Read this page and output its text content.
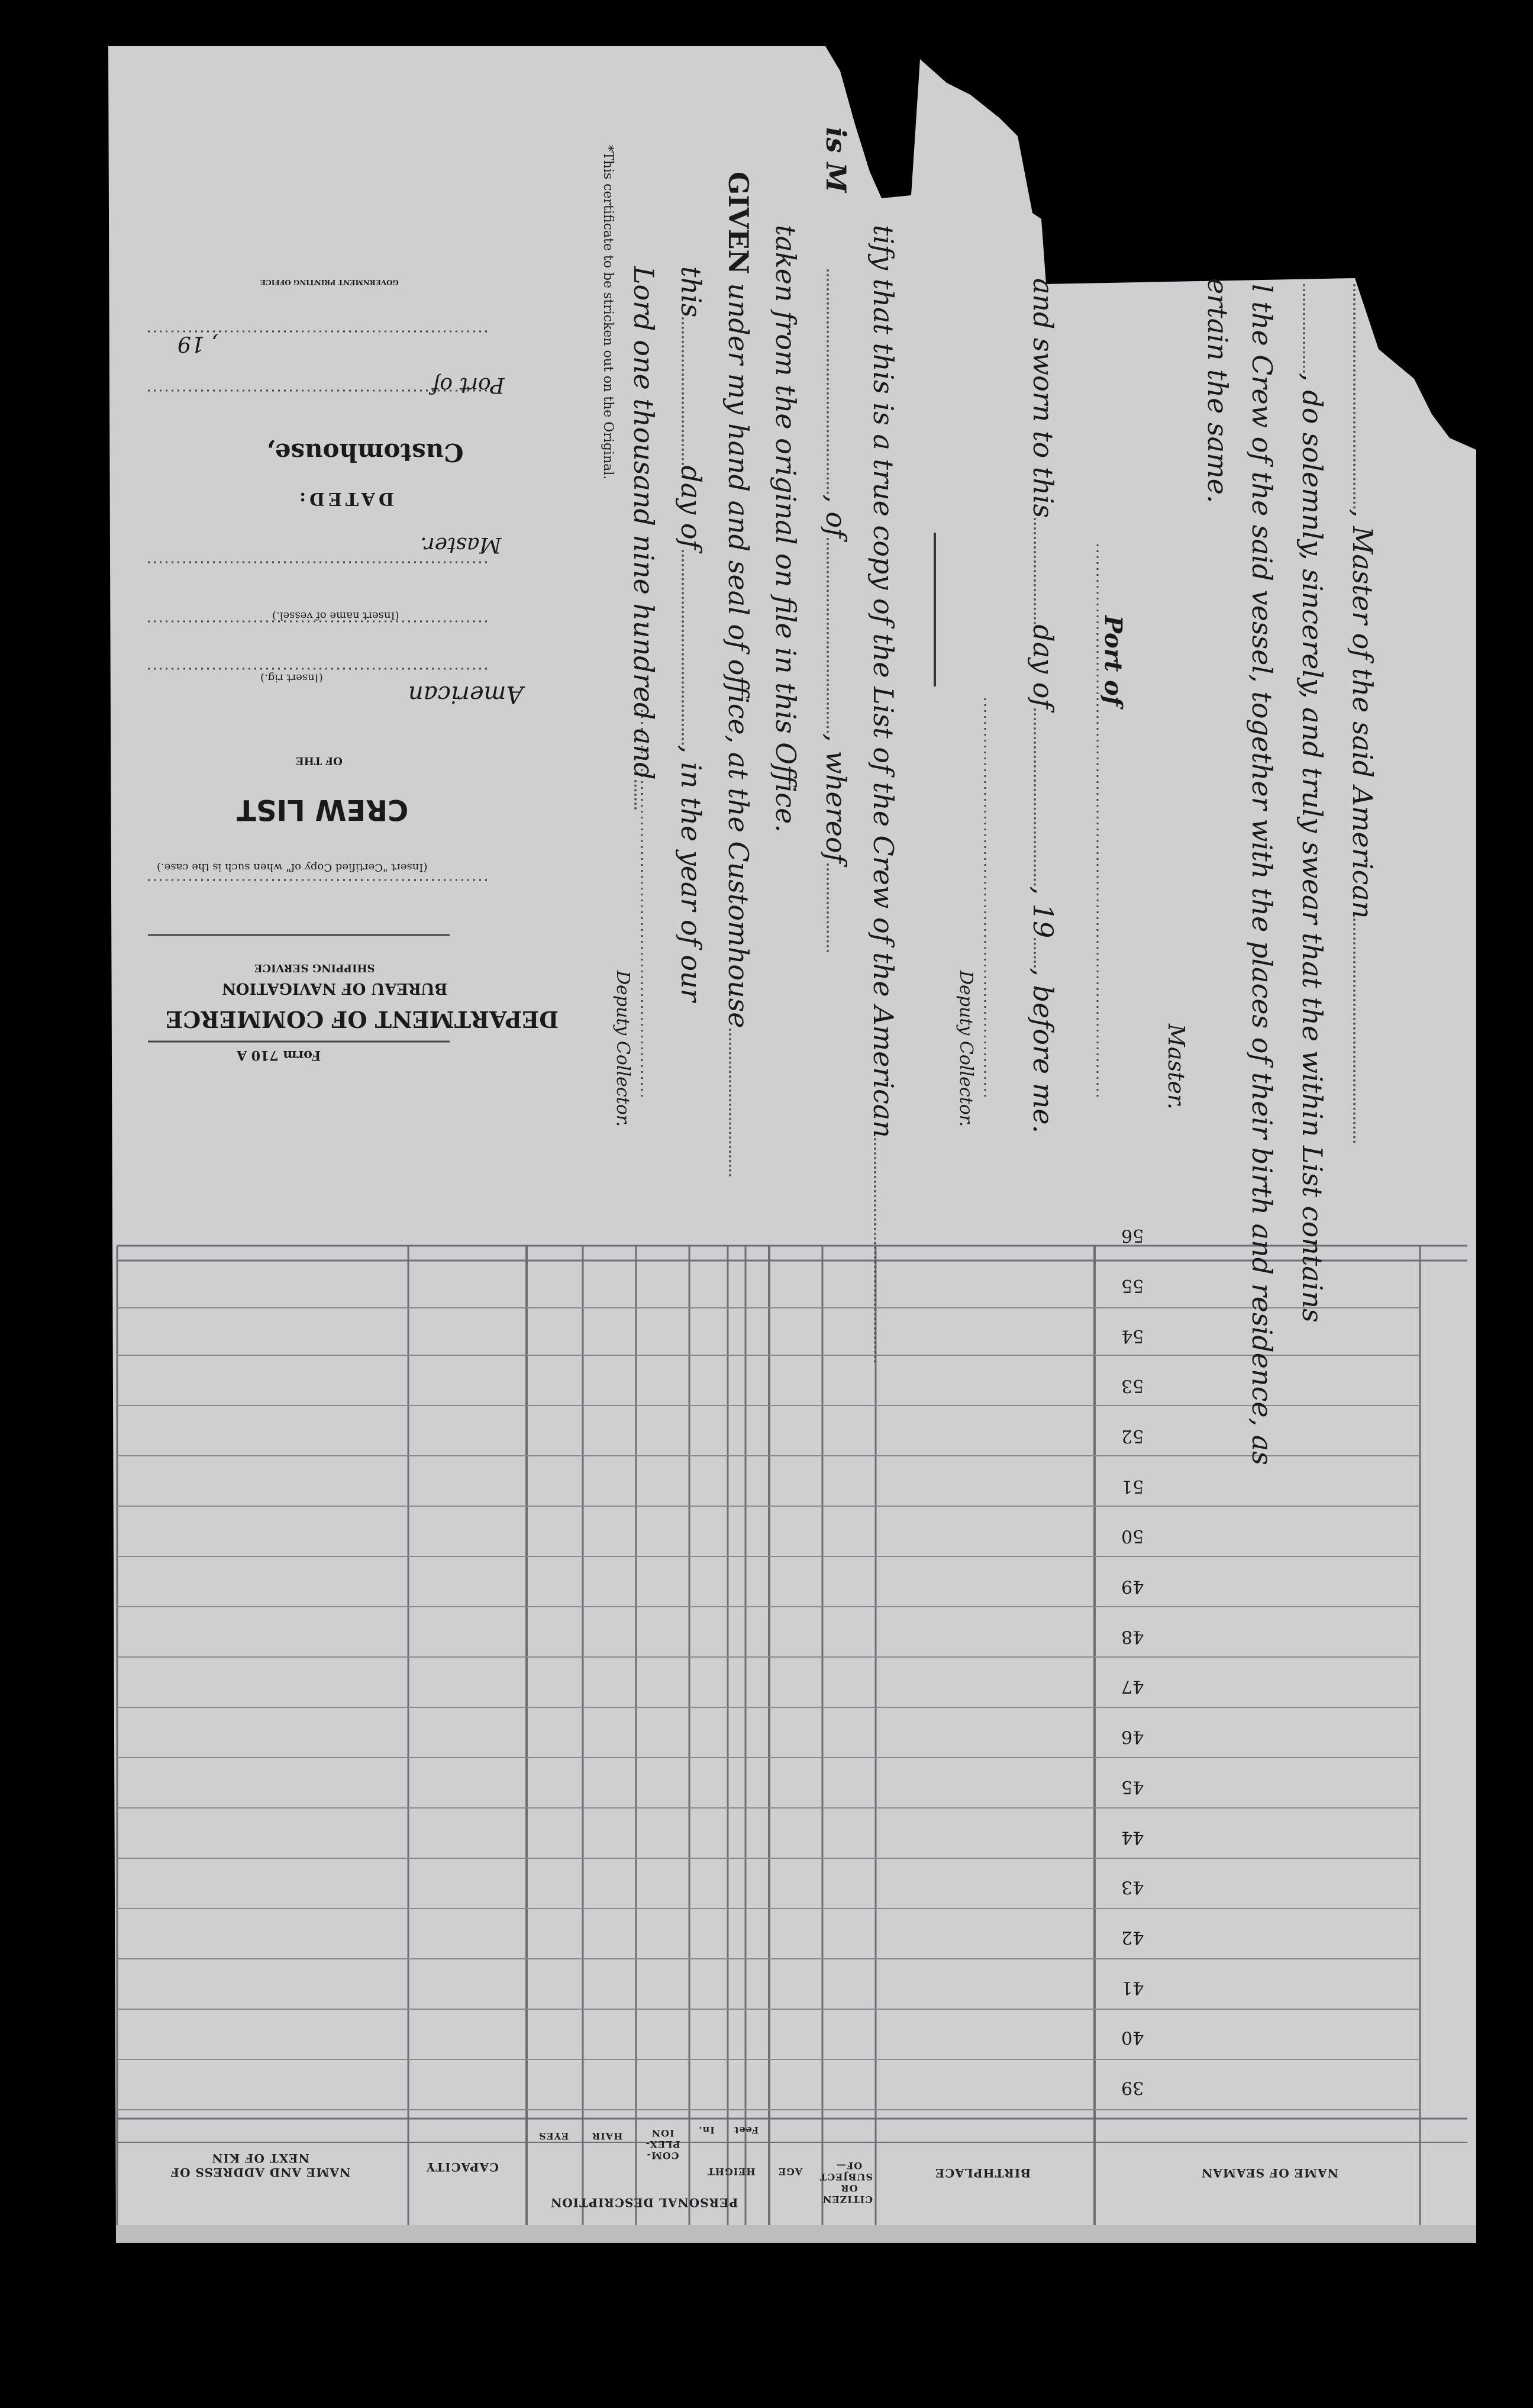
, Master of the said American
, do solemnly, sincerely, and truly swear that the within List contains
l the Crew of the said vessel, together with the places of their birth and residence, as
ertain the same.
Master.
Port of
and sworn to thisday of, 19, before me.
Deputy Collector.
tify that this is a true copy of the List of the Crew of the American
is M, of, whereof
taken from the original on file in this Office.
GIVEN under my hand and seal of office, at the Customhouse
thisday of, in the year of our
Lord one thousand nine hundred and
Deputy Collector.
*This certificate to be stricken out on the Original.
Form 710 A
DEPARTMENT OF COMMERCE
BUREAU OF NAVIGATION
SHIPPING SERVICE
(Insert "Certified Copy of" when such is the case.)
CREW LIST
OF THE
American
(Insert rig.)
(Insert name of vessel.)
Master.
DATED:
Customhouse,
Port of
, 19
GOVERNMENT PRINTING OFFICE
39
40
41
42
43
44
45
46
47
48
49
50
51
52
53
54
55
56
NAME OF SEAMAN
BIRTHPLACE
CITIZEN OR SUBJECT OF—
AGE
PERSONAL DESCRIPTION
HEIGHT
Feet
In.
COM-PLEX-ION
HAIR
EYES
CAPACITY
NAME AND ADDRESS OF NEXT OF KIN
